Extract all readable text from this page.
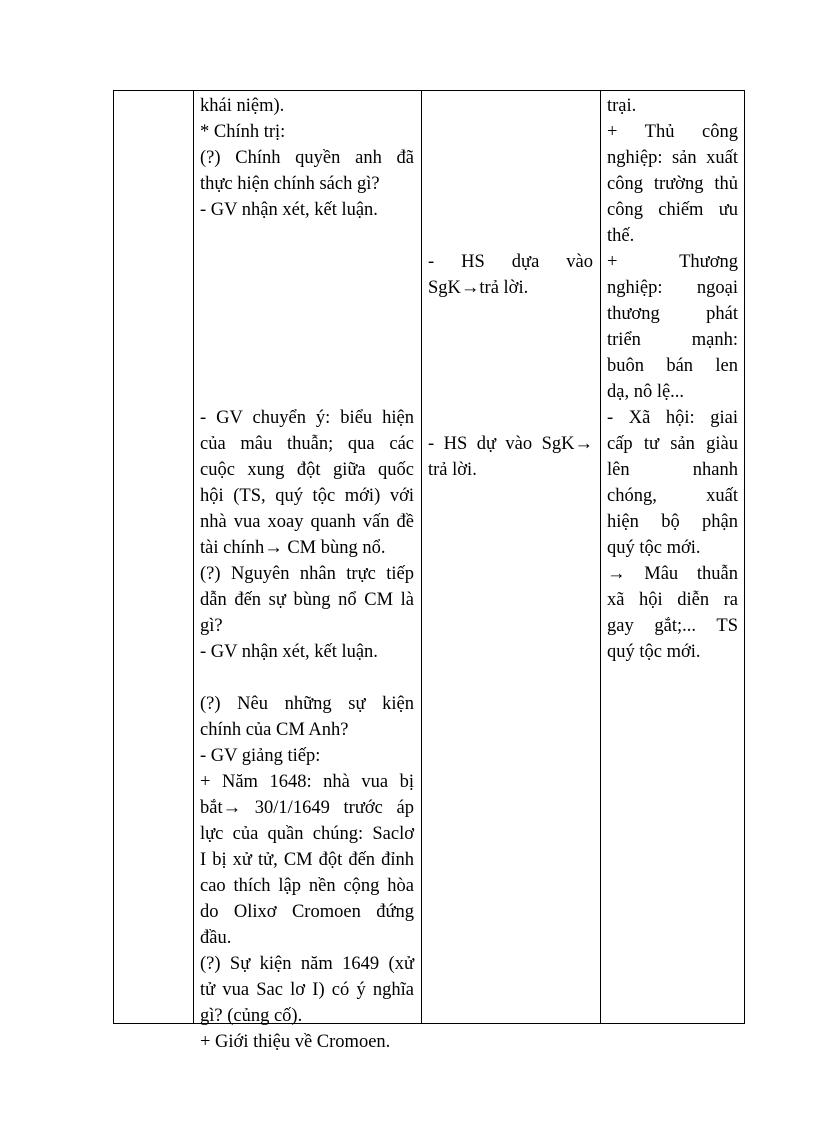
khái niệm).
* Chính trị:
(?) Chính quyền anh đã
thực hiện chính sách gì?
- GV nhận xét, kết luận.
- GV chuyển ý: biểu hiện
của mâu thuẫn; qua các
cuộc xung đột giữa quốc
hội (TS, quý tộc mới) với
nhà vua xoay quanh vấn đề
tài chính→ CM bùng nổ.
(?) Nguyên nhân trực tiếp
dẫn đến sự bùng nổ CM là
gì?
- GV nhận xét, kết luận.
(?) Nêu những sự kiện
chính của CM Anh?
- GV giảng tiếp:
+ Năm 1648: nhà vua bị
bắt→ 30/1/1649 trước áp
lực của quần chúng: Saclơ
I bị xử tử, CM đột đến đỉnh
cao thích lập nền cộng hòa
do Olixơ Cromoen đứng
đầu.
(?) Sự kiện năm 1649 (xử
tử vua Sac lơ I) có ý nghĩa
gì? (củng cố).
+ Giới thiệu về Cromoen.
- HS dựa vào
SgK→trả lời.
- HS dự vào SgK→
trả lời.
trại.
+ Thủ công
nghiệp: sản xuất
công trường thủ
công chiếm ưu
thế.
+ Thương
nghiệp: ngoại
thương phát
triển mạnh:
buôn bán len
dạ, nô lệ...
- Xã hội: giai
cấp tư sản giàu
lên nhanh
chóng, xuất
hiện bộ phận
quý tộc mới.
→ Mâu thuẫn
xã hội diễn ra
gay gắt;... TS
quý tộc mới.
